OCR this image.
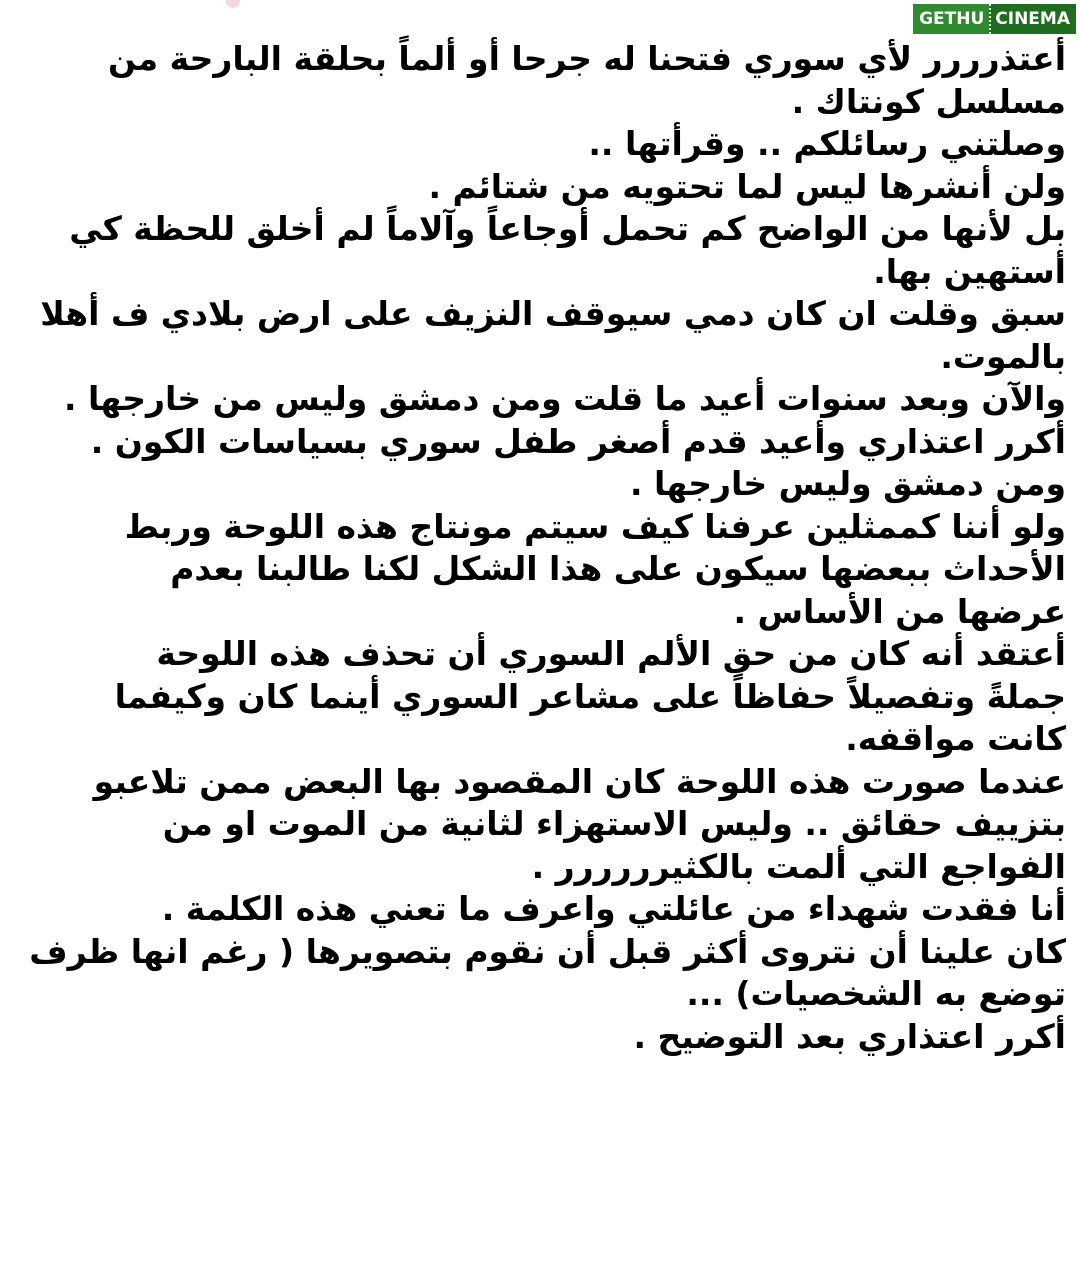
GETHU CINEMA
أعتذرررر لأي سوري فتحنا له جرحا أو ألماً بحلقة البارحة من
مسلسل كونتاك .
وصلتني رسائلكم .. وقرأتها ..
ولن أنشرها ليس لما تحتويه من شتائم .
بل لأنها من الواضح كم تحمل أوجاعاً وآلاماً لم أخلق للحظة كي
أستهين بها.
سبق وقلت ان كان دمي سيوقف النزيف على ارض بلادي ف أهلا
بالموت.
والآن وبعد سنوات أعيد ما قلت ومن دمشق وليس من خارجها .
أكرر اعتذاري وأعيد قدم أصغر طفل سوري بسياسات الكون .
ومن دمشق وليس خارجها .
ولو أننا كممثلين عرفنا كيف سيتم مونتاج هذه اللوحة وربط
الأحداث ببعضها سيكون على هذا الشكل لكنا طالبنا بعدم
عرضها من الأساس .
أعتقد أنه كان من حق الألم السوري أن تحذف هذه اللوحة
جملةً وتفصيلاً حفاظاً على مشاعر السوري أينما كان وكيفما
كانت مواقفه.
عندما صورت هذه اللوحة كان المقصود بها البعض ممن تلاعبو
بتزييف حقائق .. وليس الاستهزاء لثانية من الموت او من
الفواجع التي ألمت بالكثيرررررر .
أنا فقدت شهداء من عائلتي واعرف ما تعني هذه الكلمة .
كان علينا أن نتروى أكثر قبل أن نقوم بتصويرها ( رغم انها ظرف
توضع به الشخصيات) ...
أكرر اعتذاري بعد التوضيح .
